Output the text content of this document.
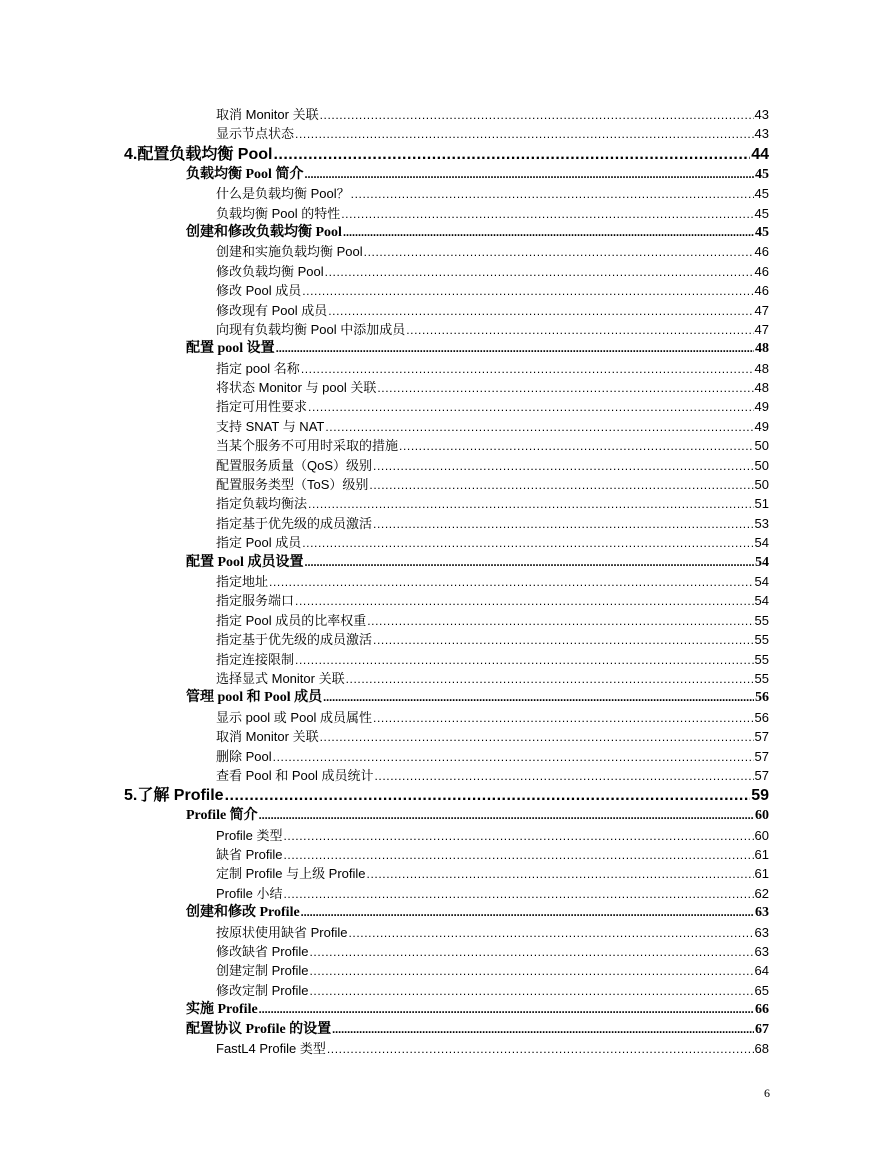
取消 Monitor 关联 .....	43
显示节点状态 .....	43
4.配置负载均衡 Pool .....	44
负载均衡 Pool 简介 .....	45
什么是负载均衡 Pool？ .....	45
负载均衡 Pool 的特性 .....	45
创建和修改负载均衡 Pool .....	45
创建和实施负载均衡 Pool .....	46
修改负载均衡 Pool .....	46
修改 Pool 成员 .....	46
修改现有 Pool 成员 .....	47
向现有负载均衡 Pool 中添加成员 .....	47
配置 pool 设置 .....	48
指定 pool 名称 .....	48
将状态 Monitor 与 pool 关联 .....	48
指定可用性要求 .....	49
支持 SNAT 与 NAT .....	49
当某个服务不可用时采取的措施 .....	50
配置服务质量（QoS）级别 .....	50
配置服务类型（ToS）级别 .....	50
指定负载均衡法 .....	51
指定基于优先级的成员激活 .....	53
指定 Pool 成员 .....	54
配置 Pool 成员设置 .....	54
指定地址 .....	54
指定服务端口 .....	54
指定 Pool 成员的比率权重 .....	55
指定基于优先级的成员激活 .....	55
指定连接限制 .....	55
选择显式 Monitor 关联 .....	55
管理 pool 和 Pool 成员 .....	56
显示 pool 或 Pool 成员属性 .....	56
取消 Monitor 关联 .....	57
删除 Pool .....	57
查看 Pool 和 Pool 成员统计 .....	57
5.了解 Profile .....	59
Profile 简介 .....	60
Profile 类型 .....	60
缺省 Profile .....	61
定制 Profile 与上级 Profile .....	61
Profile 小结 .....	62
创建和修改 Profile .....	63
按原状使用缺省 Profile .....	63
修改缺省 Profile .....	63
创建定制 Profile .....	64
修改定制 Profile .....	65
实施 Profile .....	66
配置协议 Profile 的设置 .....	67
FastL4 Profile 类型 .....	68
6
